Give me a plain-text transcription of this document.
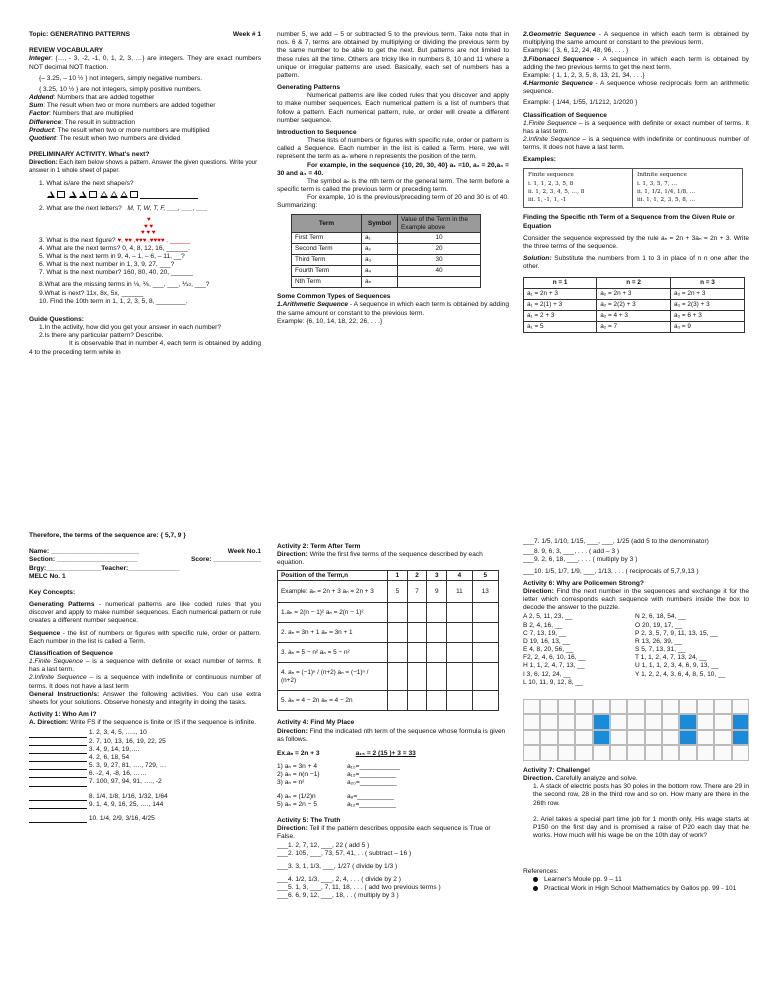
Topic: GENERATING PATTERNS	Week # 1

REVIEW VOCABULARY

Integer: {…, - 3, -2, -1, 0, 1, 2, 3, …} are integers. They are exact numbers NOT decimal NOT fraction.

{– 3.25, – 10 ½ } not integers, simply negative numbers.

{ 3.25, 10 ½ } are not integers, simply positive numbers.

Addend: Numbers that are added together

Sum: The result when two or more numbers are added together

Factor: Numbers that are multiplied

Difference: The result in subtraction

Product: The result when two or more numbers are multiplied

Quotient: The result when two numbers are divided

PRELIMINARY ACTIVITY. What's next?

Direction: Each item below shows a pattern. Answer the given questions. Write your answer in 1 whole sheet of paper.

1. What is/are the next shape/s?

2. What are the next letters? M, T, W, T, F, ___, ___, ___

♥
♥ ♥
♥ ♥ ♥

3. What is the next figure? ♥, ♥♥ ,♥♥♥ ,♥♥♥♥ , ______

4. What are the next terms? 0, 4, 8, 12, 16, ______.

5. What is the next term in 9, 4, – 1, – 6, – 11, __?

6. What is the next number in 1, 3, 9, 27, ___?

7. What is the next number? 160, 80, 40, 20, ______

8.What are the missing terms in ⅛, ⅙, ___, ___, ⅒, ___?

9.What is next? 11x, 8x, 5x, ______

10. Find the 10th term in 1, 1, 2, 3, 5, 8, ________.

Guide Questions:

1.In the activity, how did you get your answer in each number?

2.Is there any particular pattern? Describe.

It is observable that in number 4, each term is obtained by adding 4 to the preceding term while in

number 5, we add – 5 or subtracted 5 to the previous term. Take note that in nos. 6 & 7, terms are obtained by multiplying or dividing the previous term by the same number to be able to get the next. But patterns are not limited to these rules all the time. Others are tricky like in numbers 8, 10 and 11 where a unique or irregular patterns are used. Basically, each set of numbers has a pattern.

Generating Patterns

Numerical patterns are like coded rules that you discover and apply to make number sequences. Each numerical pattern is a list of numbers that follow a pattern. Each numerical pattern, rule, or order will create a different number sequence.

Introduction to Sequence

These lists of numbers or figures with specific rule, order or pattern is called a Sequence. Each number in the list is called a Term. Here, we will represent the term as aₙ where n represents the position of the term.

For example, in the sequence {10, 20, 30, 40} a₁ =10, a₂ = 20,a₃ = 30 and a₄ = 40.

The symbol aₙ is the nth term or the general term. The term before a specific term is called the previous term or preceding term.

For example, 10 is the previous/preceding term of 20 and 30 is of 40. Summarizing:

Term	Symbol	Value of the Term in the Example above
First Term	a₁	10
Second Term	a₂	20
Third Term	a₃	30
Fourth Term	a₄	40
Nth Term	aₙ	

Some Common Types of Sequences

1.Arithmetic Sequence - A sequence in which each term is obtained by adding the same amount or constant to the previous term.

Example: {6, 10, 14, 18, 22, 26, . . .}

2.Geometric Sequence - A sequence in which each term is obtained by multiplying the same amount or constant to the previous term.

Example: { 3, 6, 12, 24, 48, 96, . . . }

3.Fibonacci Sequence - A sequence in which each term is obtained by adding the two previous terms to get the next term.

Example: { 1, 1, 2, 3, 5, 8, 13, 21, 34, . . .}

4.Harmonic Sequence - A sequence whose reciprocals form an arithmetic sequence.

Example: { 1/44, 1/55, 1/1212, 1/2020 }

Classification of Sequence

1.Finite Sequence – is a sequence with definite or exact number of terms. It has a last term.

2.Infinite Sequence – is a sequence with indefinite or continuous number of terms. It does not have a last term.

Examples:

Finite sequence
i. 1, 1, 2, 3, 5, 8
ii. 1, 2, 3, 4, 5, …, 8
iii. 1, -1, 1, -1
Infinite sequence
i. 1, 3, 5, 7, …
ii. 1, 1/2, 1/4, 1/8, …
iii. 1, 1, 2, 3, 5, 8, …

Finding the Specific nth Term of a Sequence from the Given Rule or Equation

Consider the sequence expressed by the rule aₙ = 2n + 3aₙ = 2n + 3. Write the three terms of the sequence.

Solution: Substitute the numbers from 1 to 3 in place of n n one after the other.

n = 1	n = 2	n = 3
a₁ = 2n + 3	a₂ = 2n + 3	a₃ = 2n + 3
a₁ = 2(1) + 3	a₂ = 2(2) + 3	a₃ = 2(3) + 3
a₁ = 2 + 3	a₂ = 4 + 3	a₃ = 6 + 3
a₁ = 5	a₂ = 7	a₃ = 9

Therefore, the terms of the sequence are: { 5,7, 9 }

Name: ________________________	Week No.1
Section: ______________________	Score: _____________
Brgy:_______________Teacher:______________
MELC No. 1

Key Concepts:

Generating Patterns - numerical patterns are like coded rules that you discover and apply to make number sequences. Each numerical pattern or rule creates a different number sequence.

Sequence - the list of numbers or figures with specific rule, order or pattern. Each number in the list is called a Term.

Classification of Sequence

1.Finite Sequence – is a sequence with definite or exact number of terms. It has a last term.

2.Infinite Sequence – is a sequence with indefinite or continuous number of terms. It does not have a last term

General Instruction/s: Answer the following activities. You can use extra sheets for your solutions. Observe honesty and integrity in doing the tasks.

Activity 1: Who Am I?

A. Direction: Write FS if the sequence is finite or IS if the sequence is infinite.

1. 2, 3, 4, 5, ….., 10
2. 7, 10, 13, 16, 19, 22, 25
3. 4, 9, 14, 19,….
4. 2, 6, 18, 54
5. 3, 9, 27, 81, …., 729, …
6. -2, 4, -8, 16, ……
7. 100, 97, 94, 91, …., -2
8. 1/4, 1/8, 1/16, 1/32, 1/64
9. 1, 4, 9, 16, 25, …., 144
10. 1/4, 2/9, 3/16, 4/25

Activity 2: Term After Term

Direction: Write the first five terms of the sequence described by each equation.

Position of the Term,n	1	2	3	4	5
Example: aₙ = 2n + 3 aₙ = 2n + 3	5	7	9	11	13
1.aₙ = 2(n − 1)² aₙ = 2(n − 1)²					
2. aₙ = 3n + 1 aₙ = 3n + 1					
3. aₙ = 5 − n² aₙ = 5 − n²					
4. aₙ = (−1)ⁿ / (n+2) aₙ = (−1)ⁿ / (n+2)					
5. aₙ = 4 − 2n aₙ = 4 − 2n					

Activity 4: Find My Place

Direction: Find the indicated nth term of the sequence whose formula is given as follows.

Ex.aₙ = 2n + 3	a₁₅ = 2 (15 )+ 3 = 33
1) aₙ = 3n + 4	a₁₀=___________
2) aₙ = n(n −1)	a₁₅=__________
3) aₙ = n²	a₂₀=__________
4) aₙ = (1/2)n	a₈=__________
5) aₙ = 2n − 5	a₁₂=__________

Activity 5: The Truth

Direction: Tell if the pattern describes opposite each sequence is True or False.

___1. 2, 7, 12, ___, 22 ( add 5 )
___2. 105, ___, 73, 57, 41, . . ( subtract – 16 )
___3. 3, 1, 1/3, ___, 1/27 ( divide by 1/3 )
___4. 1/2, 1/3, ___, 2, 4, . . . ( divide by 2 )
___5. 1, 3, ___, 7, 11, 18, . . . ( add two previous terms )
___6. 6, 9, 12, ___, 18, . . ( multiply by 3 )
___7. 1/5, 1/10, 1/15, ___, ___, 1/25 (add 5 to the denominator)
___8. 9, 6, 3, ___, . . . ( add – 3 )
___9. 2, 6, 18, ___, . . . ( multiply by 3 )
___10. 1/5, 1/7, 1/9, ___, 1/13, . . . ( reciprocals of 5,7,9,13 )

Activity 6: Why are Policemen Strong?

Direction: Find the next number in the sequences and exchange it for the letter which corresponds each sequence with numbers inside the box to decode the answer to the puzzle.

A 2, 5, 11, 23, __
B 2, 4, 16, __
C 7, 13, 19, __
D 19, 16, 13, __
E 4, 8, 20, 56, __
F2, 2, 4, 6, 10, 16, __
H 1, 1, 2, 4, 7, 13, __
I 3, 6, 12, 24, __
L 10, 11, 9, 12, 8, __
N 2, 6, 18, 54, __
O 20, 19, 17, __
P 2, 3, 5, 7, 9, 11, 13, 15, __
R 13, 26, 39, __
S 5, 7, 13, 31, __
T 1, 1, 2, 4, 7, 13, 24, __
U 1, 1, 1, 2, 3, 4, 6, 9, 13, __
Y 1, 2, 2, 4, 3, 6, 4, 8, 5, 10, __

Activity 7: Challenge!

Direction. Carefully analyze and solve.

1. A stack of electric posts has 30 poles in the bottom row. There are 29 in the second row, 28 in the third row and so on. How many are there in the 26th row.

2. Ariel takes a special part time job for 1 month only. His wage starts at P150 on the first day and is promised a raise of P20 each day that he works. How much will his wage be on the 10th day of work?

References:

Learner's Moule pp. 9 – 11
Practical Work in High School Mathematics by Gallos pp. 99 - 101
